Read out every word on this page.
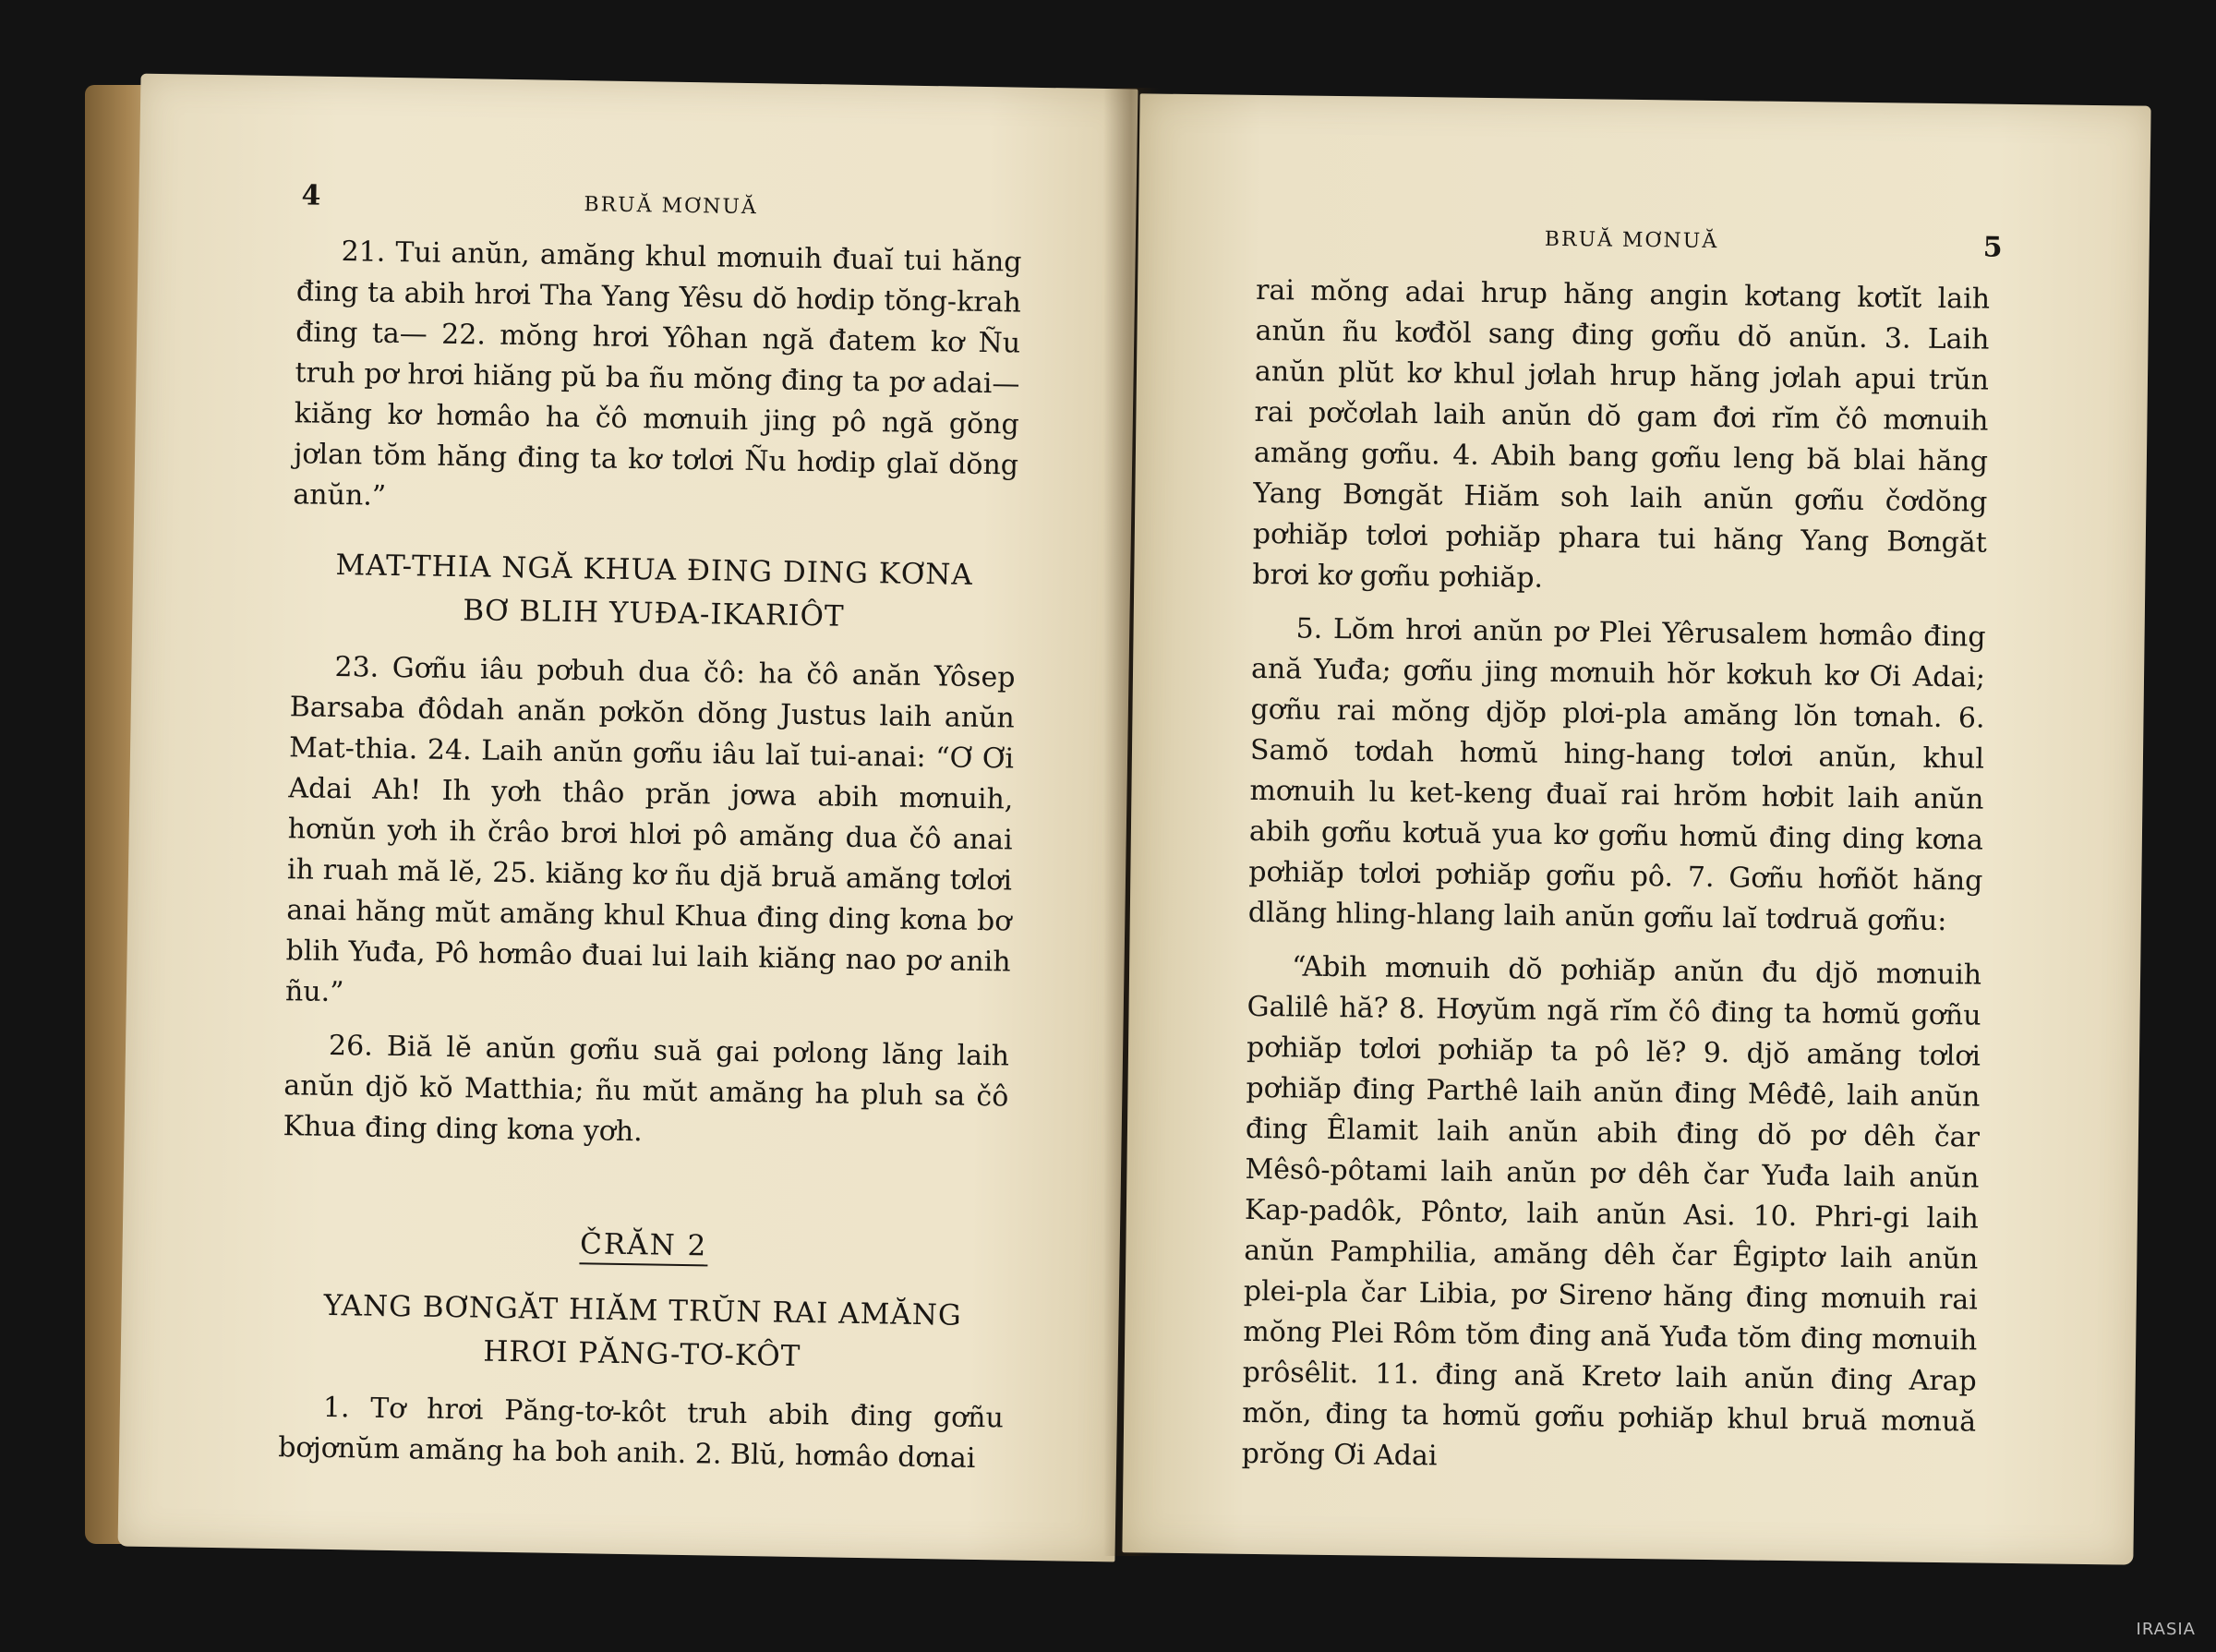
4	BRUĂ MƠNUĂ

21. Tui anŭn, amăng khul mơnuih đuaĭ tui hăng đing ta abih hrơi Tha Yang Yêsu dŏ hơdip tŏng-krah đing ta— 22. mŏng hrơi Yôhan ngă đatem kơ Ñu truh pơ hrơi hiăng pŭ ba ñu mŏng đing ta pơ adai—kiăng kơ hơmâo ha čô mơnuih jing pô ngă gŏng jơlan tŏm hăng đing ta kơ tơlơi Ñu hơdip glaĭ dŏng anŭn.”

MAT-THIA NGĂ KHUA ĐING DING KƠNA

BƠ BLIH YUĐA-IKARIÔT

23. Gơñu iâu pơbuh dua čô: ha čô anăn Yôsep Barsaba đôdah anăn pơkŏn dŏng Justus laih anŭn Mat-thia. 24. Laih anŭn gơñu iâu laĭ tui-anai: “Ơ Ơi Adai Ah! Ih yơh thâo prăn jơwa abih mơnuih, hơnŭn yơh ih črâo brơi hlơi pô amăng dua čô anai ih ruah mă lĕ, 25. kiăng kơ ñu djă bruă amăng tơlơi anai hăng mŭt amăng khul Khua đing ding kơna bơ blih Yuđa, Pô hơmâo đuai lui laih kiăng nao pơ anih ñu.”

26. Biă lĕ anŭn gơñu suă gai pơlong lăng laih anŭn djŏ kŏ Matthia; ñu mŭt amăng ha pluh sa čô Khua đing ding kơna yơh.

ČRĂN 2

YANG BƠNGĂT HIĂM TRŬN RAI AMĂNG

HRƠI PĂNG-TƠ-KÔT

1. Tơ hrơi Păng-tơ-kôt truh abih đing gơñu bơjơnŭm amăng ha boh anih. 2. Blŭ, hơmâo dơnai

BRUĂ MƠNUĂ	5

rai mŏng adai hrup hăng angin kơtang kơtĭt laih anŭn ñu kơđŏl sang đing gơñu dŏ anŭn. 3. Laih anŭn plŭt kơ khul jơlah hrup hăng jơlah apui trŭn rai pơčơlah laih anŭn dŏ gam đơi rĭm čô mơnuih amăng gơñu. 4. Abih bang gơñu leng bă blai hăng Yang Bơngăt Hiăm soh laih anŭn gơñu čơdŏng pơhiăp tơlơi pơhiăp phara tui hăng Yang Bơngăt brơi kơ gơñu pơhiăp.

5. Lŏm hrơi anŭn pơ Plei Yêrusalem hơmâo đing ană Yuđa; gơñu jing mơnuih hŏr kơkuh kơ Ơi Adai; gơñu rai mŏng djŏp plơi-pla amăng lŏn tơnah. 6. Samŏ tơdah hơmŭ hing-hang tơlơi anŭn, khul mơnuih lu ket-keng đuaĭ rai hrŏm hơbit laih anŭn abih gơñu kơtuă yua kơ gơñu hơmŭ đing ding kơna pơhiăp tơlơi pơhiăp gơñu pô. 7. Gơñu hơñŏt hăng dlăng hling-hlang laih anŭn gơñu laĭ tơdruă gơñu:

“Abih mơnuih dŏ pơhiăp anŭn đu djŏ mơnuih Galilê hă? 8. Hơyŭm ngă rĭm čô đing ta hơmŭ gơñu pơhiăp tơlơi pơhiăp ta pô lĕ? 9. djŏ amăng tơlơi pơhiăp đing Parthê laih anŭn đing Mêđê, laih anŭn đing Êlamit laih anŭn abih đing dŏ pơ dêh čar Mêsô-pôtami laih anŭn pơ dêh čar Yuđa laih anŭn Kap-padôk, Pôntơ, laih anŭn Asi. 10. Phri-gi laih anŭn Pamphilia, amăng dêh čar Êgiptơ laih anŭn plei-pla čar Libia, pơ Sirenơ hăng đing mơnuih rai mŏng Plei Rôm tŏm đing ană Yuđa tŏm đing mơnuih prôsêlit. 11. đing ană Kretơ laih anŭn đing Arap mŏn, đing ta hơmŭ gơñu pơhiăp khul bruă mơnuă prŏng Ơi Adai

IRASIA
